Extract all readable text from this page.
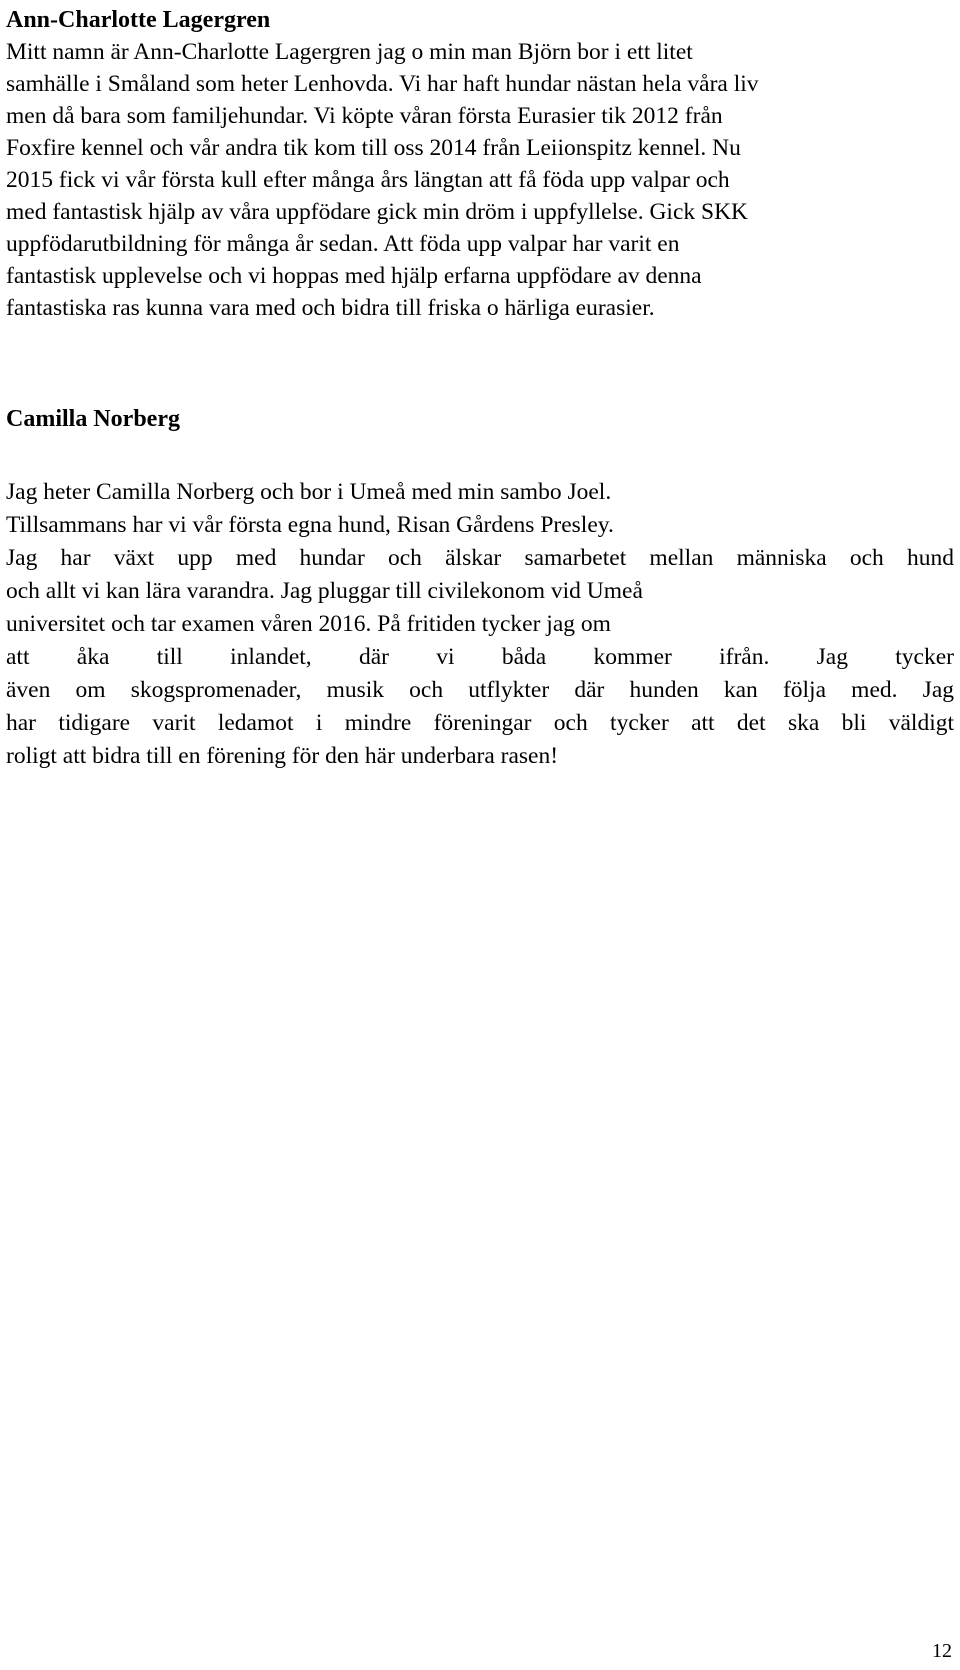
Ann-Charlotte Lagergren

Mitt namn är Ann-Charlotte Lagergren jag o min man Björn bor i ett litet
samhälle i Småland som heter Lenhovda. Vi har haft hundar nästan hela våra liv
men då bara som familjehundar. Vi köpte våran första Eurasier tik 2012 från
Foxfire kennel och vår andra tik kom till oss 2014 från Leiionspitz kennel. Nu
2015 fick vi vår första kull efter många års längtan att få föda upp valpar och
med fantastisk hjälp av våra uppfödare gick min dröm i uppfyllelse. Gick SKK
uppfödarutbildning för många år sedan. Att föda upp valpar har varit en
fantastisk upplevelse och vi hoppas med hjälp erfarna uppfödare av denna
fantastiska ras kunna vara med och bidra till friska o härliga eurasier.

Camilla Norberg

Jag heter Camilla Norberg och bor i Umeå med min sambo Joel.
Tillsammans har vi vår första egna hund, Risan Gårdens Presley.
Jag har växt upp med hundar och älskar samarbetet mellan människa och hund
och allt vi kan lära varandra. Jag pluggar till civilekonom vid Umeå
universitet och tar examen våren 2016. På fritiden tycker jag om
att åka till inlandet, där vi båda kommer ifrån. Jag tycker
även om skogspromenader, musik och utflykter där hunden kan följa med. Jag
har tidigare varit ledamot i mindre föreningar och tycker att det ska bli väldigt
roligt att bidra till en förening för den här underbara rasen!

12
